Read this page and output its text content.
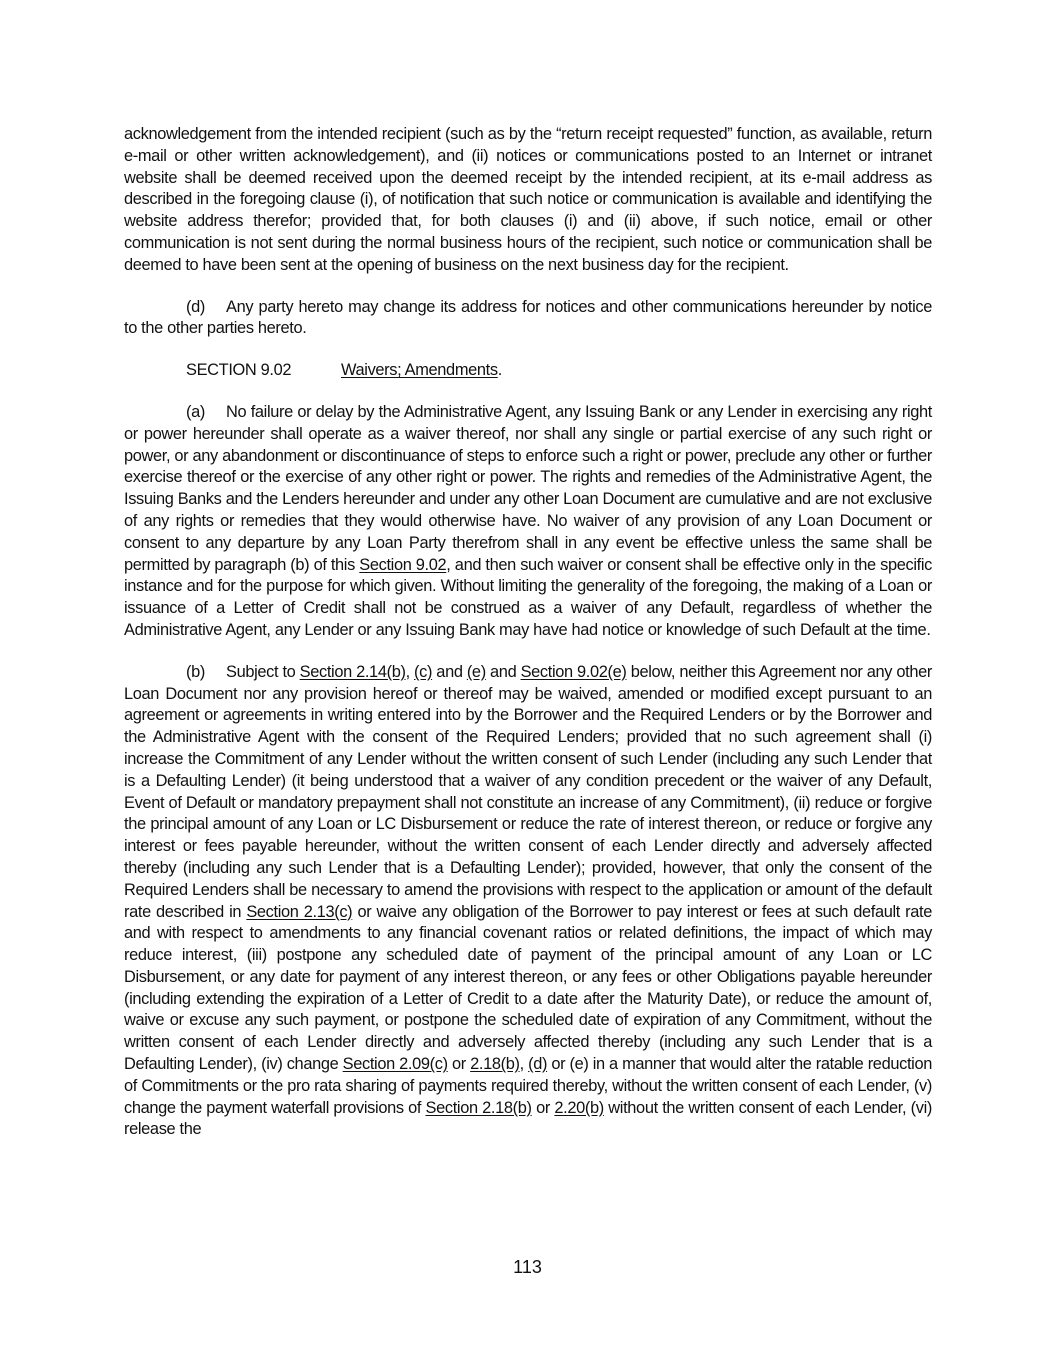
acknowledgement from the intended recipient (such as by the “return receipt requested” function, as available, return e-mail or other written acknowledgement), and (ii) notices or communications posted to an Internet or intranet website shall be deemed received upon the deemed receipt by the intended recipient, at its e-mail address as described in the foregoing clause (i), of notification that such notice or communication is available and identifying the website address therefor; provided that, for both clauses (i) and (ii) above, if such notice, email or other communication is not sent during the normal business hours of the recipient, such notice or communication shall be deemed to have been sent at the opening of business on the next business day for the recipient.

(d) Any party hereto may change its address for notices and other communications hereunder by notice to the other parties hereto.

SECTION 9.02	Waivers; Amendments.

(a) No failure or delay by the Administrative Agent, any Issuing Bank or any Lender in exercising any right or power hereunder shall operate as a waiver thereof, nor shall any single or partial exercise of any such right or power, or any abandonment or discontinuance of steps to enforce such a right or power, preclude any other or further exercise thereof or the exercise of any other right or power. The rights and remedies of the Administrative Agent, the Issuing Banks and the Lenders hereunder and under any other Loan Document are cumulative and are not exclusive of any rights or remedies that they would otherwise have. No waiver of any provision of any Loan Document or consent to any departure by any Loan Party therefrom shall in any event be effective unless the same shall be permitted by paragraph (b) of this Section 9.02, and then such waiver or consent shall be effective only in the specific instance and for the purpose for which given. Without limiting the generality of the foregoing, the making of a Loan or issuance of a Letter of Credit shall not be construed as a waiver of any Default, regardless of whether the Administrative Agent, any Lender or any Issuing Bank may have had notice or knowledge of such Default at the time.

(b) Subject to Section 2.14(b), (c) and (e) and Section 9.02(e) below, neither this Agreement nor any other Loan Document nor any provision hereof or thereof may be waived, amended or modified except pursuant to an agreement or agreements in writing entered into by the Borrower and the Required Lenders or by the Borrower and the Administrative Agent with the consent of the Required Lenders; provided that no such agreement shall (i) increase the Commitment of any Lender without the written consent of such Lender (including any such Lender that is a Defaulting Lender) (it being understood that a waiver of any condition precedent or the waiver of any Default, Event of Default or mandatory prepayment shall not constitute an increase of any Commitment), (ii) reduce or forgive the principal amount of any Loan or LC Disbursement or reduce the rate of interest thereon, or reduce or forgive any interest or fees payable hereunder, without the written consent of each Lender directly and adversely affected thereby (including any such Lender that is a Defaulting Lender); provided, however, that only the consent of the Required Lenders shall be necessary to amend the provisions with respect to the application or amount of the default rate described in Section 2.13(c) or waive any obligation of the Borrower to pay interest or fees at such default rate and with respect to amendments to any financial covenant ratios or related definitions, the impact of which may reduce interest, (iii) postpone any scheduled date of payment of the principal amount of any Loan or LC Disbursement, or any date for payment of any interest thereon, or any fees or other Obligations payable hereunder (including extending the expiration of a Letter of Credit to a date after the Maturity Date), or reduce the amount of, waive or excuse any such payment, or postpone the scheduled date of expiration of any Commitment, without the written consent of each Lender directly and adversely affected thereby (including any such Lender that is a Defaulting Lender), (iv) change Section 2.09(c) or 2.18(b), (d) or (e) in a manner that would alter the ratable reduction of Commitments or the pro rata sharing of payments required thereby, without the written consent of each Lender, (v) change the payment waterfall provisions of Section 2.18(b) or 2.20(b) without the written consent of each Lender, (vi) release the

113
